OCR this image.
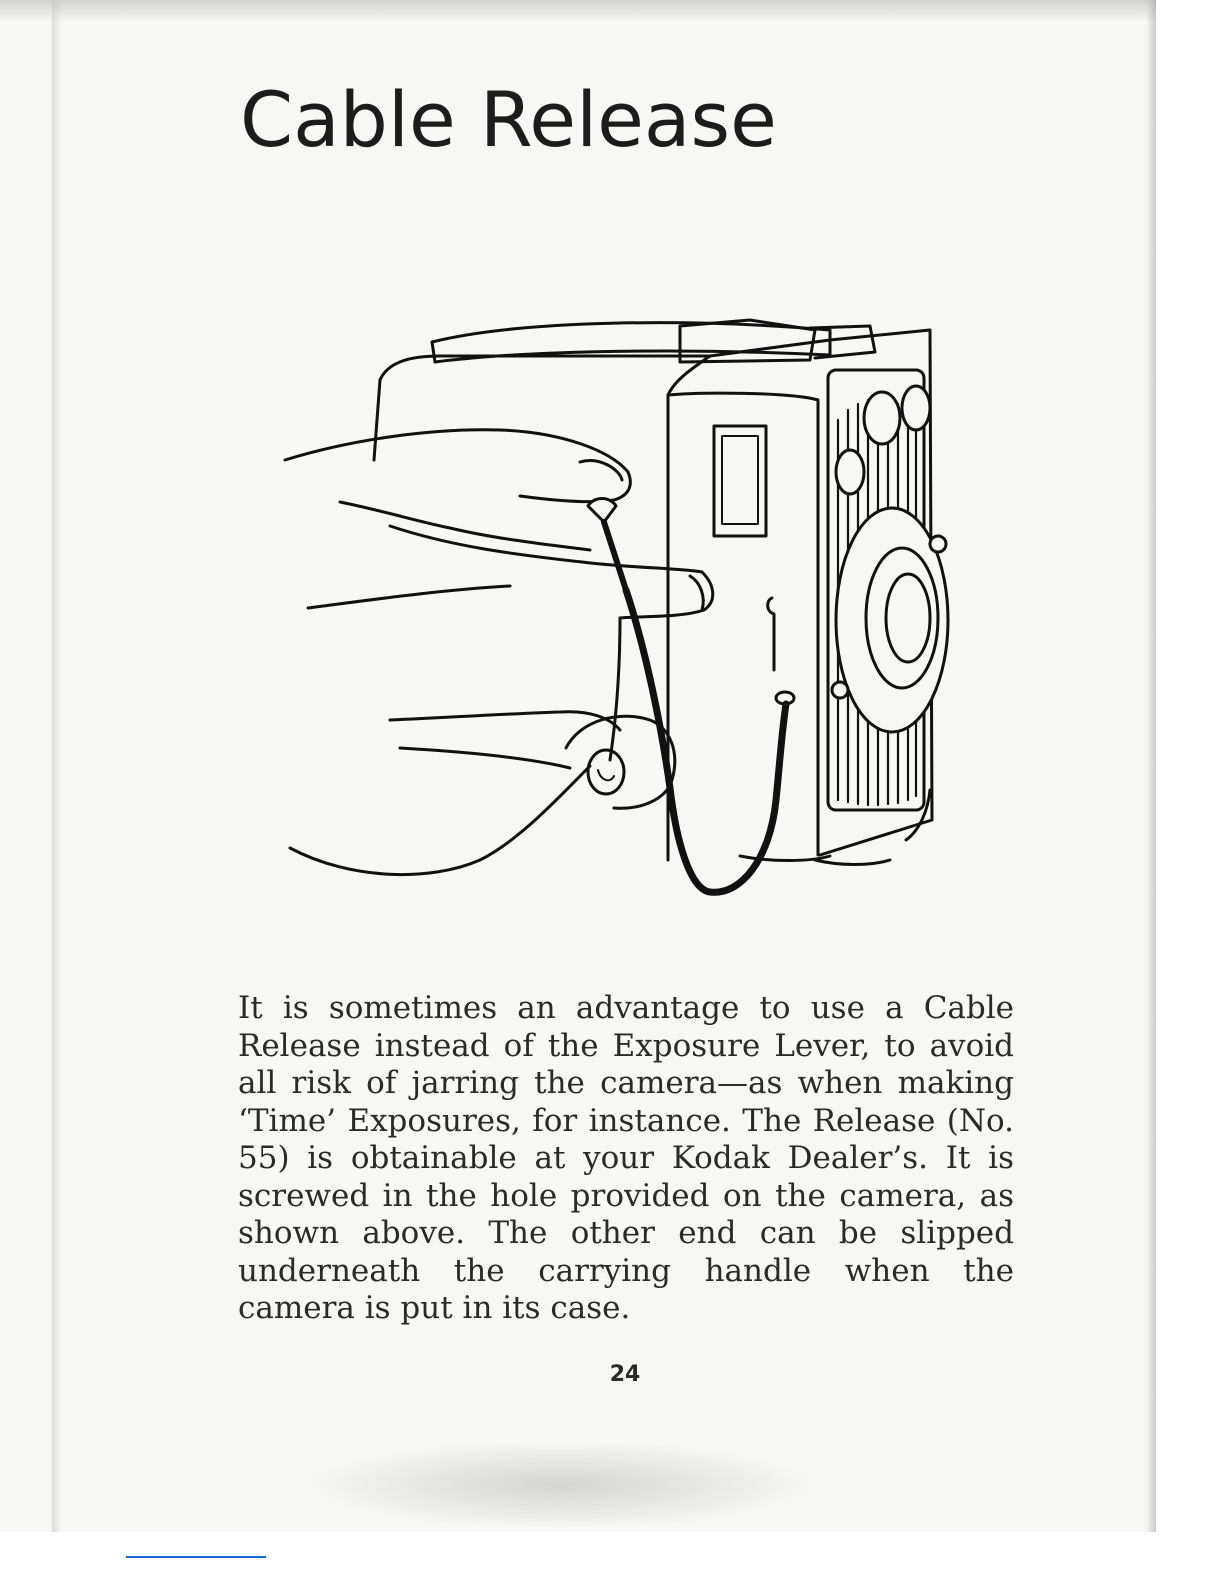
Cable Release

It is sometimes an advantage to use a Cable Release instead of the Exposure Lever, to avoid all risk of jarring the camera—as when making ‘Time’ Exposures, for instance. The Release (No. 55) is obtainable at your Kodak Dealer’s. It is screwed in the hole provided on the camera, as shown above. The other end can be slipped underneath the carrying handle when the camera is put in its case.

24
